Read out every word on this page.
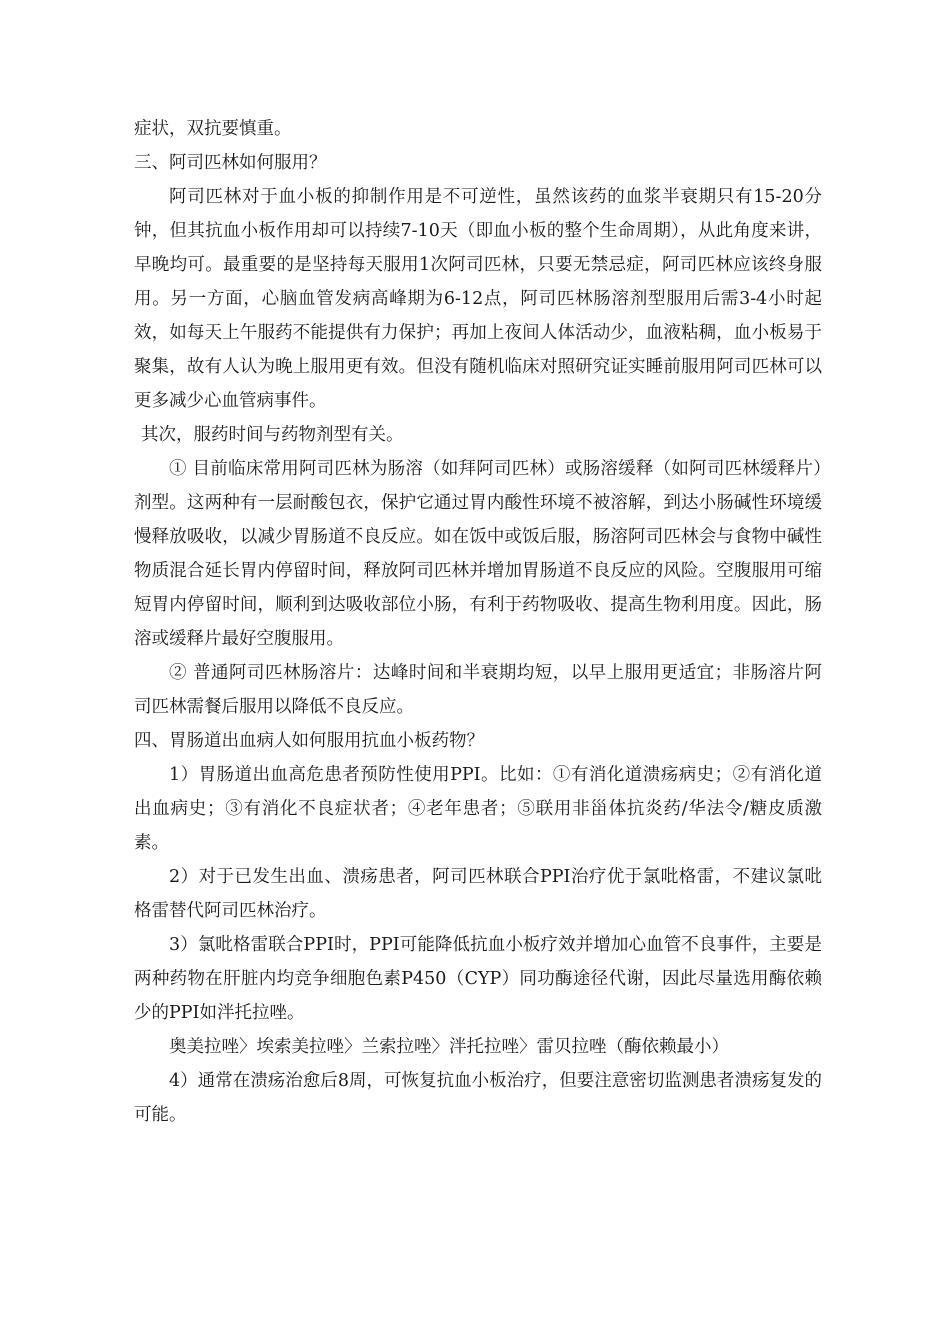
症状，双抗要慎重。

三、阿司匹林如何服用？

阿司匹林对于血小板的抑制作用是不可逆性，虽然该药的血浆半衰期只有15-20分钟，但其抗血小板作用却可以持续7-10天（即血小板的整个生命周期），从此角度来讲，早晚均可。最重要的是坚持每天服用1次阿司匹林，只要无禁忌症，阿司匹林应该终身服用。另一方面，心脑血管发病高峰期为6-12点，阿司匹林肠溶剂型服用后需3-4小时起效，如每天上午服药不能提供有力保护；再加上夜间人体活动少，血液粘稠，血小板易于聚集，故有人认为晚上服用更有效。但没有随机临床对照研究证实睡前服用阿司匹林可以更多减少心血管病事件。

其次，服药时间与药物剂型有关。

① 目前临床常用阿司匹林为肠溶（如拜阿司匹林）或肠溶缓释（如阿司匹林缓释片）剂型。这两种有一层耐酸包衣，保护它通过胃内酸性环境不被溶解，到达小肠碱性环境缓慢释放吸收，以减少胃肠道不良反应。如在饭中或饭后服，肠溶阿司匹林会与食物中碱性物质混合延长胃内停留时间，释放阿司匹林并增加胃肠道不良反应的风险。空腹服用可缩短胃内停留时间，顺利到达吸收部位小肠，有利于药物吸收、提高生物利用度。因此，肠溶或缓释片最好空腹服用。

② 普通阿司匹林肠溶片：达峰时间和半衰期均短，以早上服用更适宜；非肠溶片阿司匹林需餐后服用以降低不良反应。

四、胃肠道出血病人如何服用抗血小板药物？

1）胃肠道出血高危患者预防性使用PPI。比如：①有消化道溃疡病史；②有消化道出血病史；③有消化不良症状者；④老年患者；⑤联用非甾体抗炎药/华法令/糖皮质激素。

2）对于已发生出血、溃疡患者，阿司匹林联合PPI治疗优于氯吡格雷，不建议氯吡格雷替代阿司匹林治疗。

3）氯吡格雷联合PPI时，PPI可能降低抗血小板疗效并增加心血管不良事件，主要是两种药物在肝脏内均竞争细胞色素P450（CYP）同功酶途径代谢，因此尽量选用酶依赖少的PPI如泮托拉唑。

奥美拉唑〉埃索美拉唑〉兰索拉唑〉泮托拉唑〉雷贝拉唑（酶依赖最小）

4）通常在溃疡治愈后8周，可恢复抗血小板治疗，但要注意密切监测患者溃疡复发的可能。
